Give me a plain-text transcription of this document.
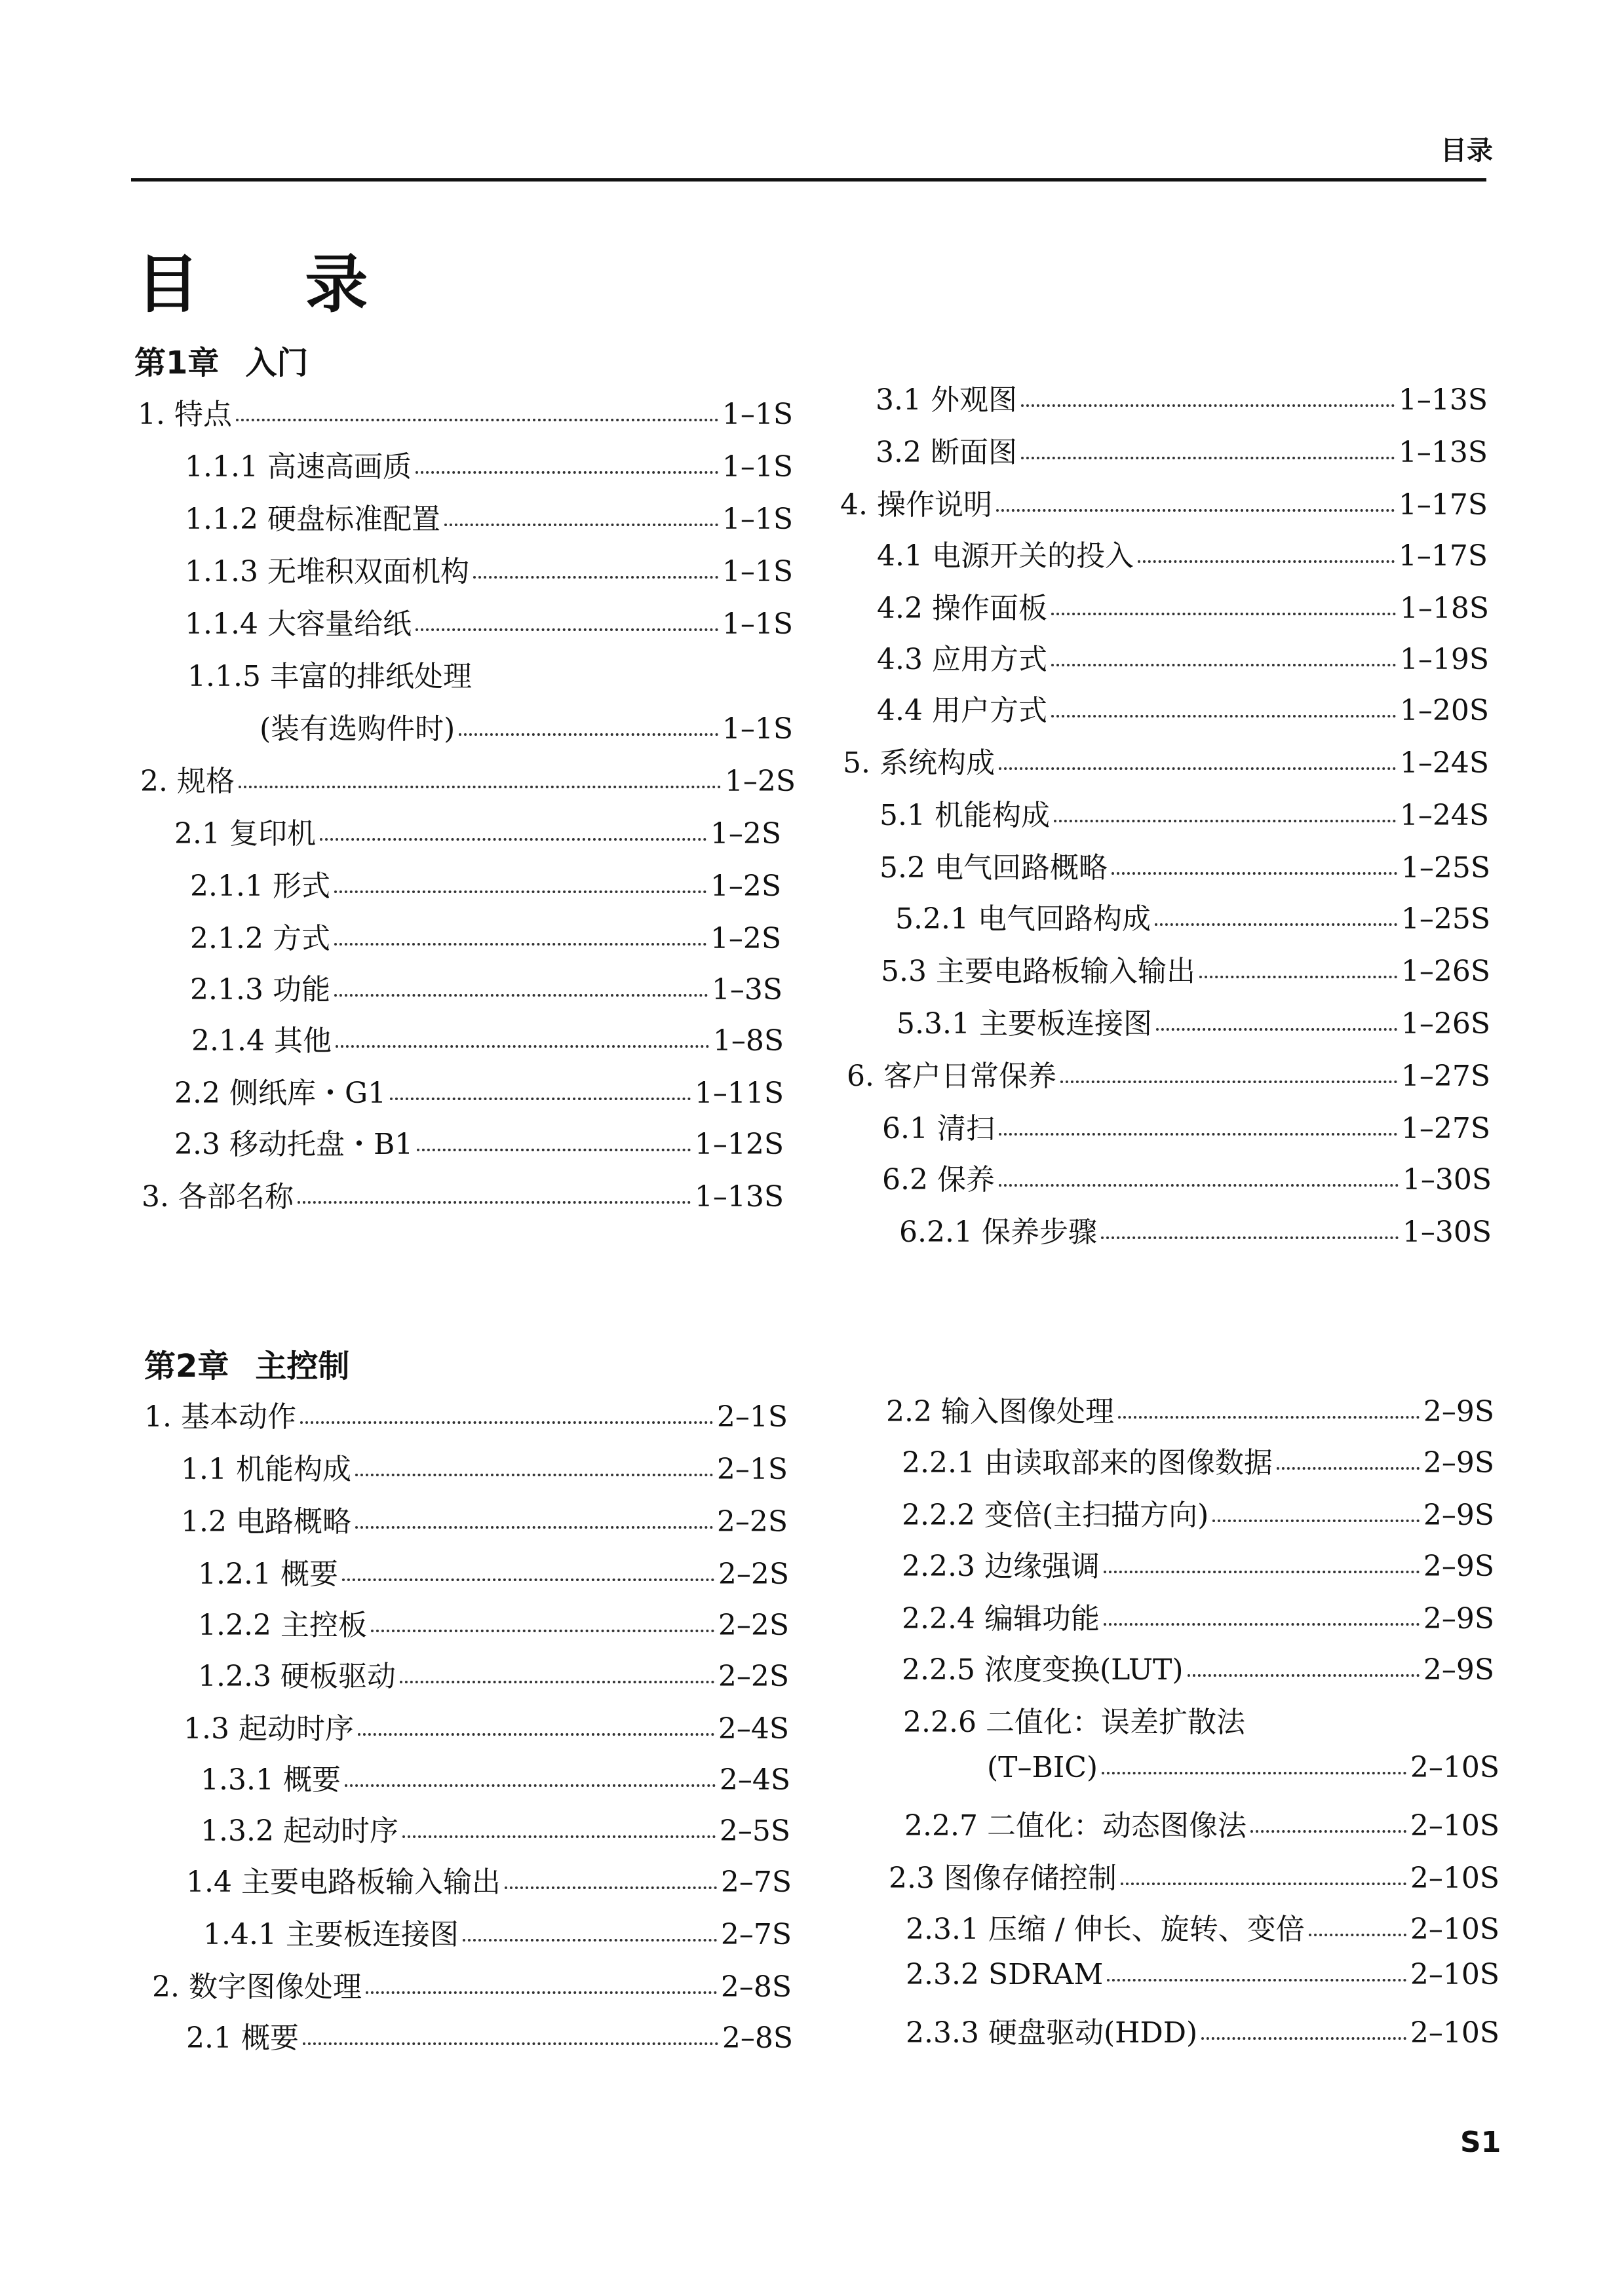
目录
目 录
第1章 入门
1. 特点	1–1S
1.1.1 高速高画质	1–1S
1.1.2 硬盘标准配置	1–1S
1.1.3 无堆积双面机构	1–1S
1.1.4 大容量给纸	1–1S
1.1.5 丰富的排纸处理
(装有选购件时)	1–1S
2. 规格	1–2S
2.1 复印机	1–2S
2.1.1 形式	1–2S
2.1.2 方式	1–2S
2.1.3 功能	1–3S
2.1.4 其他	1–8S
2.2 侧纸库・G1	1–11S
2.3 移动托盘・B1	1–12S
3. 各部名称	1–13S
3.1 外观图	1–13S
3.2 断面图	1–13S
4. 操作说明	1–17S
4.1 电源开关的投入	1–17S
4.2 操作面板	1–18S
4.3 应用方式	1–19S
4.4 用户方式	1–20S
5. 系统构成	1–24S
5.1 机能构成	1–24S
5.2 电气回路概略	1–25S
5.2.1 电气回路构成	1–25S
5.3 主要电路板输入输出	1–26S
5.3.1 主要板连接图	1–26S
6. 客户日常保养	1–27S
6.1 清扫	1–27S
6.2 保养	1–30S
6.2.1 保养步骤	1–30S
第2章 主控制
1. 基本动作	2–1S
1.1 机能构成	2–1S
1.2 电路概略	2–2S
1.2.1 概要	2–2S
1.2.2 主控板	2–2S
1.2.3 硬板驱动	2–2S
1.3 起动时序	2–4S
1.3.1 概要	2–4S
1.3.2 起动时序	2–5S
1.4 主要电路板输入输出	2–7S
1.4.1 主要板连接图	2–7S
2. 数字图像处理	2–8S
2.1 概要	2–8S
2.2 输入图像处理	2–9S
2.2.1 由读取部来的图像数据	2–9S
2.2.2 变倍(主扫描方向)	2–9S
2.2.3 边缘强调	2–9S
2.2.4 编辑功能	2–9S
2.2.5 浓度变换(LUT)	2–9S
2.2.6 二值化：误差扩散法
(T–BIC)	2–10S
2.2.7 二值化：动态图像法	2–10S
2.3 图像存储控制	2–10S
2.3.1 压缩 / 伸长、旋转、变倍	2–10S
2.3.2 SDRAM	2–10S
2.3.3 硬盘驱动(HDD)	2–10S
S1
